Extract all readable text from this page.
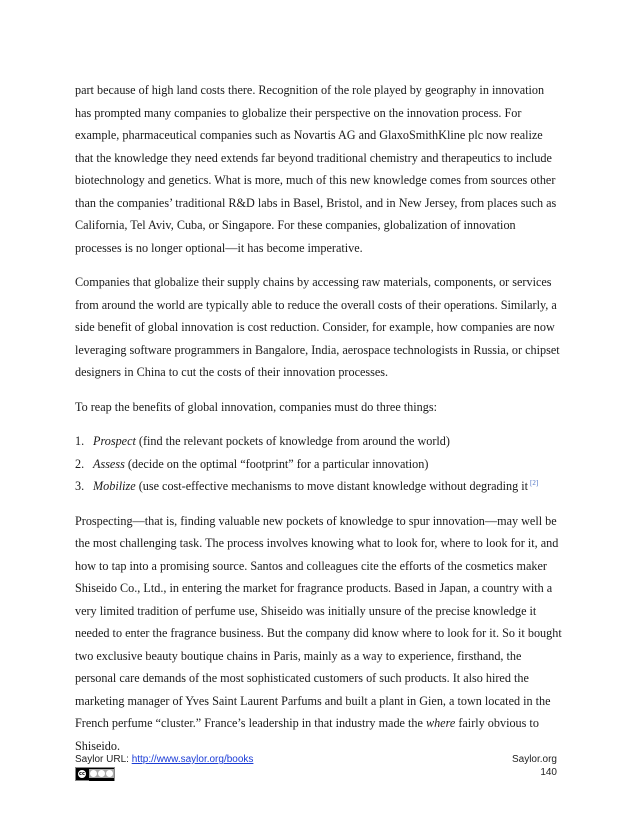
part because of high land costs there. Recognition of the role played by geography in innovation has prompted many companies to globalize their perspective on the innovation process. For example, pharmaceutical companies such as Novartis AG and GlaxoSmithKline plc now realize that the knowledge they need extends far beyond traditional chemistry and therapeutics to include biotechnology and genetics. What is more, much of this new knowledge comes from sources other than the companies’ traditional R&D labs in Basel, Bristol, and in New Jersey, from places such as California, Tel Aviv, Cuba, or Singapore. For these companies, globalization of innovation processes is no longer optional—it has become imperative.

Companies that globalize their supply chains by accessing raw materials, components, or services from around the world are typically able to reduce the overall costs of their operations. Similarly, a side benefit of global innovation is cost reduction. Consider, for example, how companies are now leveraging software programmers in Bangalore, India, aerospace technologists in Russia, or chipset designers in China to cut the costs of their innovation processes.

To reap the benefits of global innovation, companies must do three things:

1. Prospect (find the relevant pockets of knowledge from around the world)
2. Assess (decide on the optimal “footprint” for a particular innovation)
3. Mobilize (use cost-effective mechanisms to move distant knowledge without degrading it [2]

Prospecting—that is, finding valuable new pockets of knowledge to spur innovation—may well be the most challenging task. The process involves knowing what to look for, where to look for it, and how to tap into a promising source. Santos and colleagues cite the efforts of the cosmetics maker Shiseido Co., Ltd., in entering the market for fragrance products. Based in Japan, a country with a very limited tradition of perfume use, Shiseido was initially unsure of the precise knowledge it needed to enter the fragrance business. But the company did know where to look for it. So it bought two exclusive beauty boutique chains in Paris, mainly as a way to experience, firsthand, the personal care demands of the most sophisticated customers of such products. It also hired the marketing manager of Yves Saint Laurent Parfums and built a plant in Gien, a town located in the French perfume “cluster.” France’s leadership in that industry made the where fairly obvious to Shiseido.

Saylor URL: http://www.saylor.org/books
cc
Saylor.org
140
